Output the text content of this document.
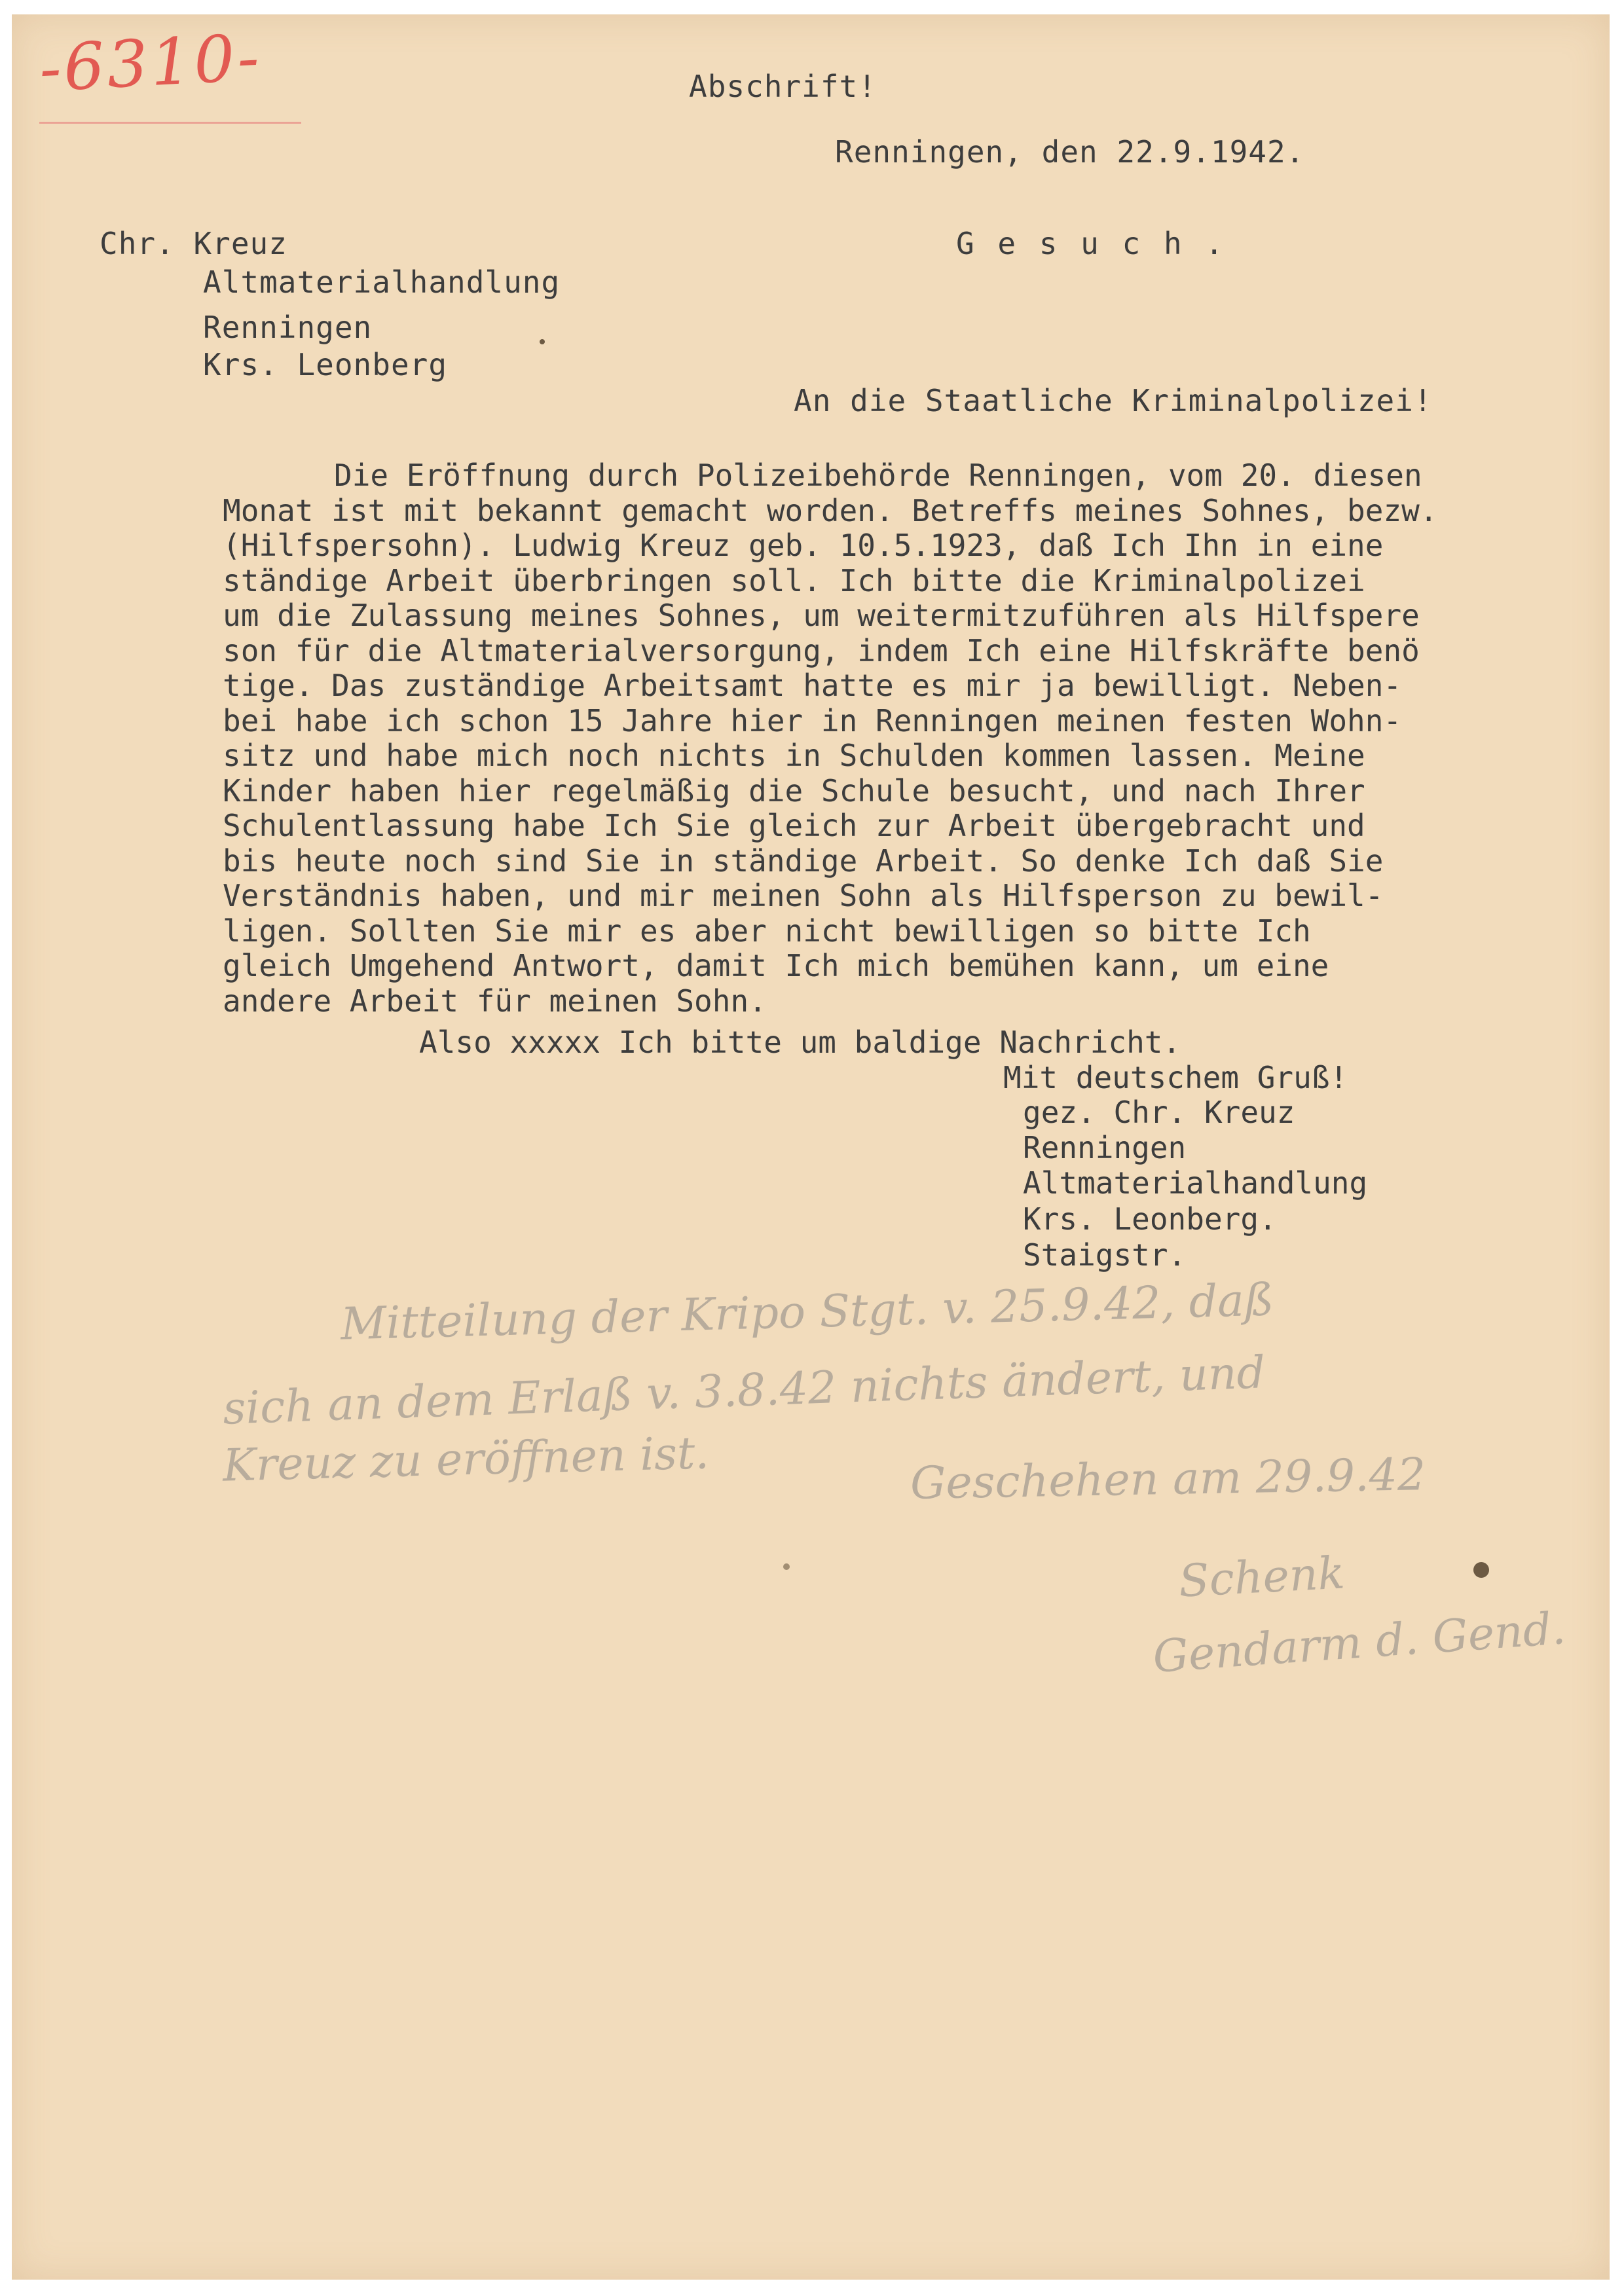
-6310-	Abschrift!
Renningen, den 22.9.1942.
Chr. Kreuz
Altmaterialhandlung
Renningen
Krs. Leonberg
G e s u c h .
An die Staatliche Kriminalpolizei!
Die Eröffnung durch Polizeibehörde Renningen, vom 20. diesen
Monat ist mit bekannt gemacht worden. Betreffs meines Sohnes, bezw.
(Hilfspersohn). Ludwig Kreuz geb. 10.5.1923, daß Ich Ihn in eine
ständige Arbeit überbringen soll. Ich bitte die Kriminalpolizei
um die Zulassung meines Sohnes, um weitermitzuführen als Hilfspere
son für die Altmaterialversorgung, indem Ich eine Hilfskräfte benö
tige. Das zuständige Arbeitsamt hatte es mir ja bewilligt. Neben-
bei habe ich schon 15 Jahre hier in Renningen meinen festen Wohn-
sitz und habe mich noch nichts in Schulden kommen lassen. Meine
Kinder haben hier regelmäßig die Schule besucht, und nach Ihrer
Schulentlassung habe Ich Sie gleich zur Arbeit übergebracht und
bis heute noch sind Sie in ständige Arbeit. So denke Ich daß Sie
Verständnis haben, und mir meinen Sohn als Hilfsperson zu bewil-
ligen. Sollten Sie mir es aber nicht bewilligen so bitte Ich
gleich Umgehend Antwort, damit Ich mich bemühen kann, um eine
andere Arbeit für meinen Sohn.
Also xxxxx Ich bitte um baldige Nachricht.
Mit deutschem Gruß!
gez. Chr. Kreuz
Renningen
Altmaterialhandlung
Krs. Leonberg.
Staigstr.
Mitteilung der Kripo Stgt. v. 25.9.42, daß
sich an dem Erlaß v. 3.8.42 nichts ändert, und
Kreuz zu eröffnen ist.	Geschehen am 29.9.42
Schenk
Gendarm d. Gend.
